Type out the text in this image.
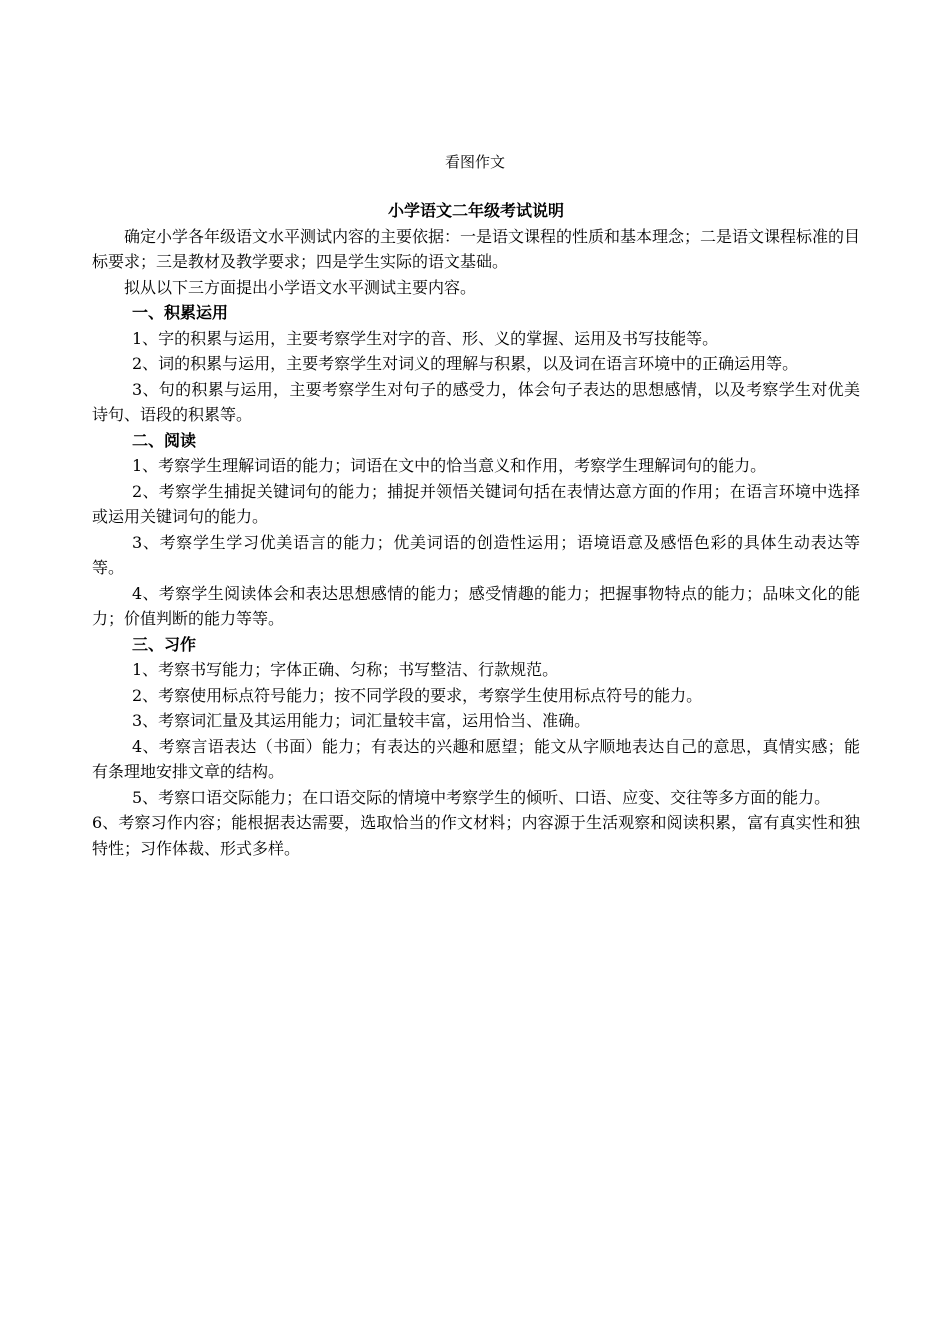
看图作文

小学语文二年级考试说明

确定小学各年级语文水平测试内容的主要依据：一是语文课程的性质和基本理念；二是语文课程标准的目标要求；三是教材及教学要求；四是学生实际的语文基础。

拟从以下三方面提出小学语文水平测试主要内容。

一、积累运用

1、字的积累与运用，主要考察学生对字的音、形、义的掌握、运用及书写技能等。

2、词的积累与运用，主要考察学生对词义的理解与积累，以及词在语言环境中的正确运用等。

3、句的积累与运用，主要考察学生对句子的感受力，体会句子表达的思想感情，以及考察学生对优美诗句、语段的积累等。

二、阅读

1、考察学生理解词语的能力；词语在文中的恰当意义和作用，考察学生理解词句的能力。

2、考察学生捕捉关键词句的能力；捕捉并领悟关键词句括在表情达意方面的作用；在语言环境中选择或运用关键词句的能力。

3、考察学生学习优美语言的能力；优美词语的创造性运用；语境语意及感悟色彩的具体生动表达等等。

4、考察学生阅读体会和表达思想感情的能力；感受情趣的能力；把握事物特点的能力；品味文化的能力；价值判断的能力等等。

三、习作

1、考察书写能力；字体正确、匀称；书写整洁、行款规范。

2、考察使用标点符号能力；按不同学段的要求，考察学生使用标点符号的能力。

3、考察词汇量及其运用能力；词汇量较丰富，运用恰当、准确。

4、考察言语表达（书面）能力；有表达的兴趣和愿望；能文从字顺地表达自己的意思，真情实感；能有条理地安排文章的结构。

5、考察口语交际能力；在口语交际的情境中考察学生的倾听、口语、应变、交往等多方面的能力。

6、考察习作内容；能根据表达需要，选取恰当的作文材料；内容源于生活观察和阅读积累，富有真实性和独特性；习作体裁、形式多样。
